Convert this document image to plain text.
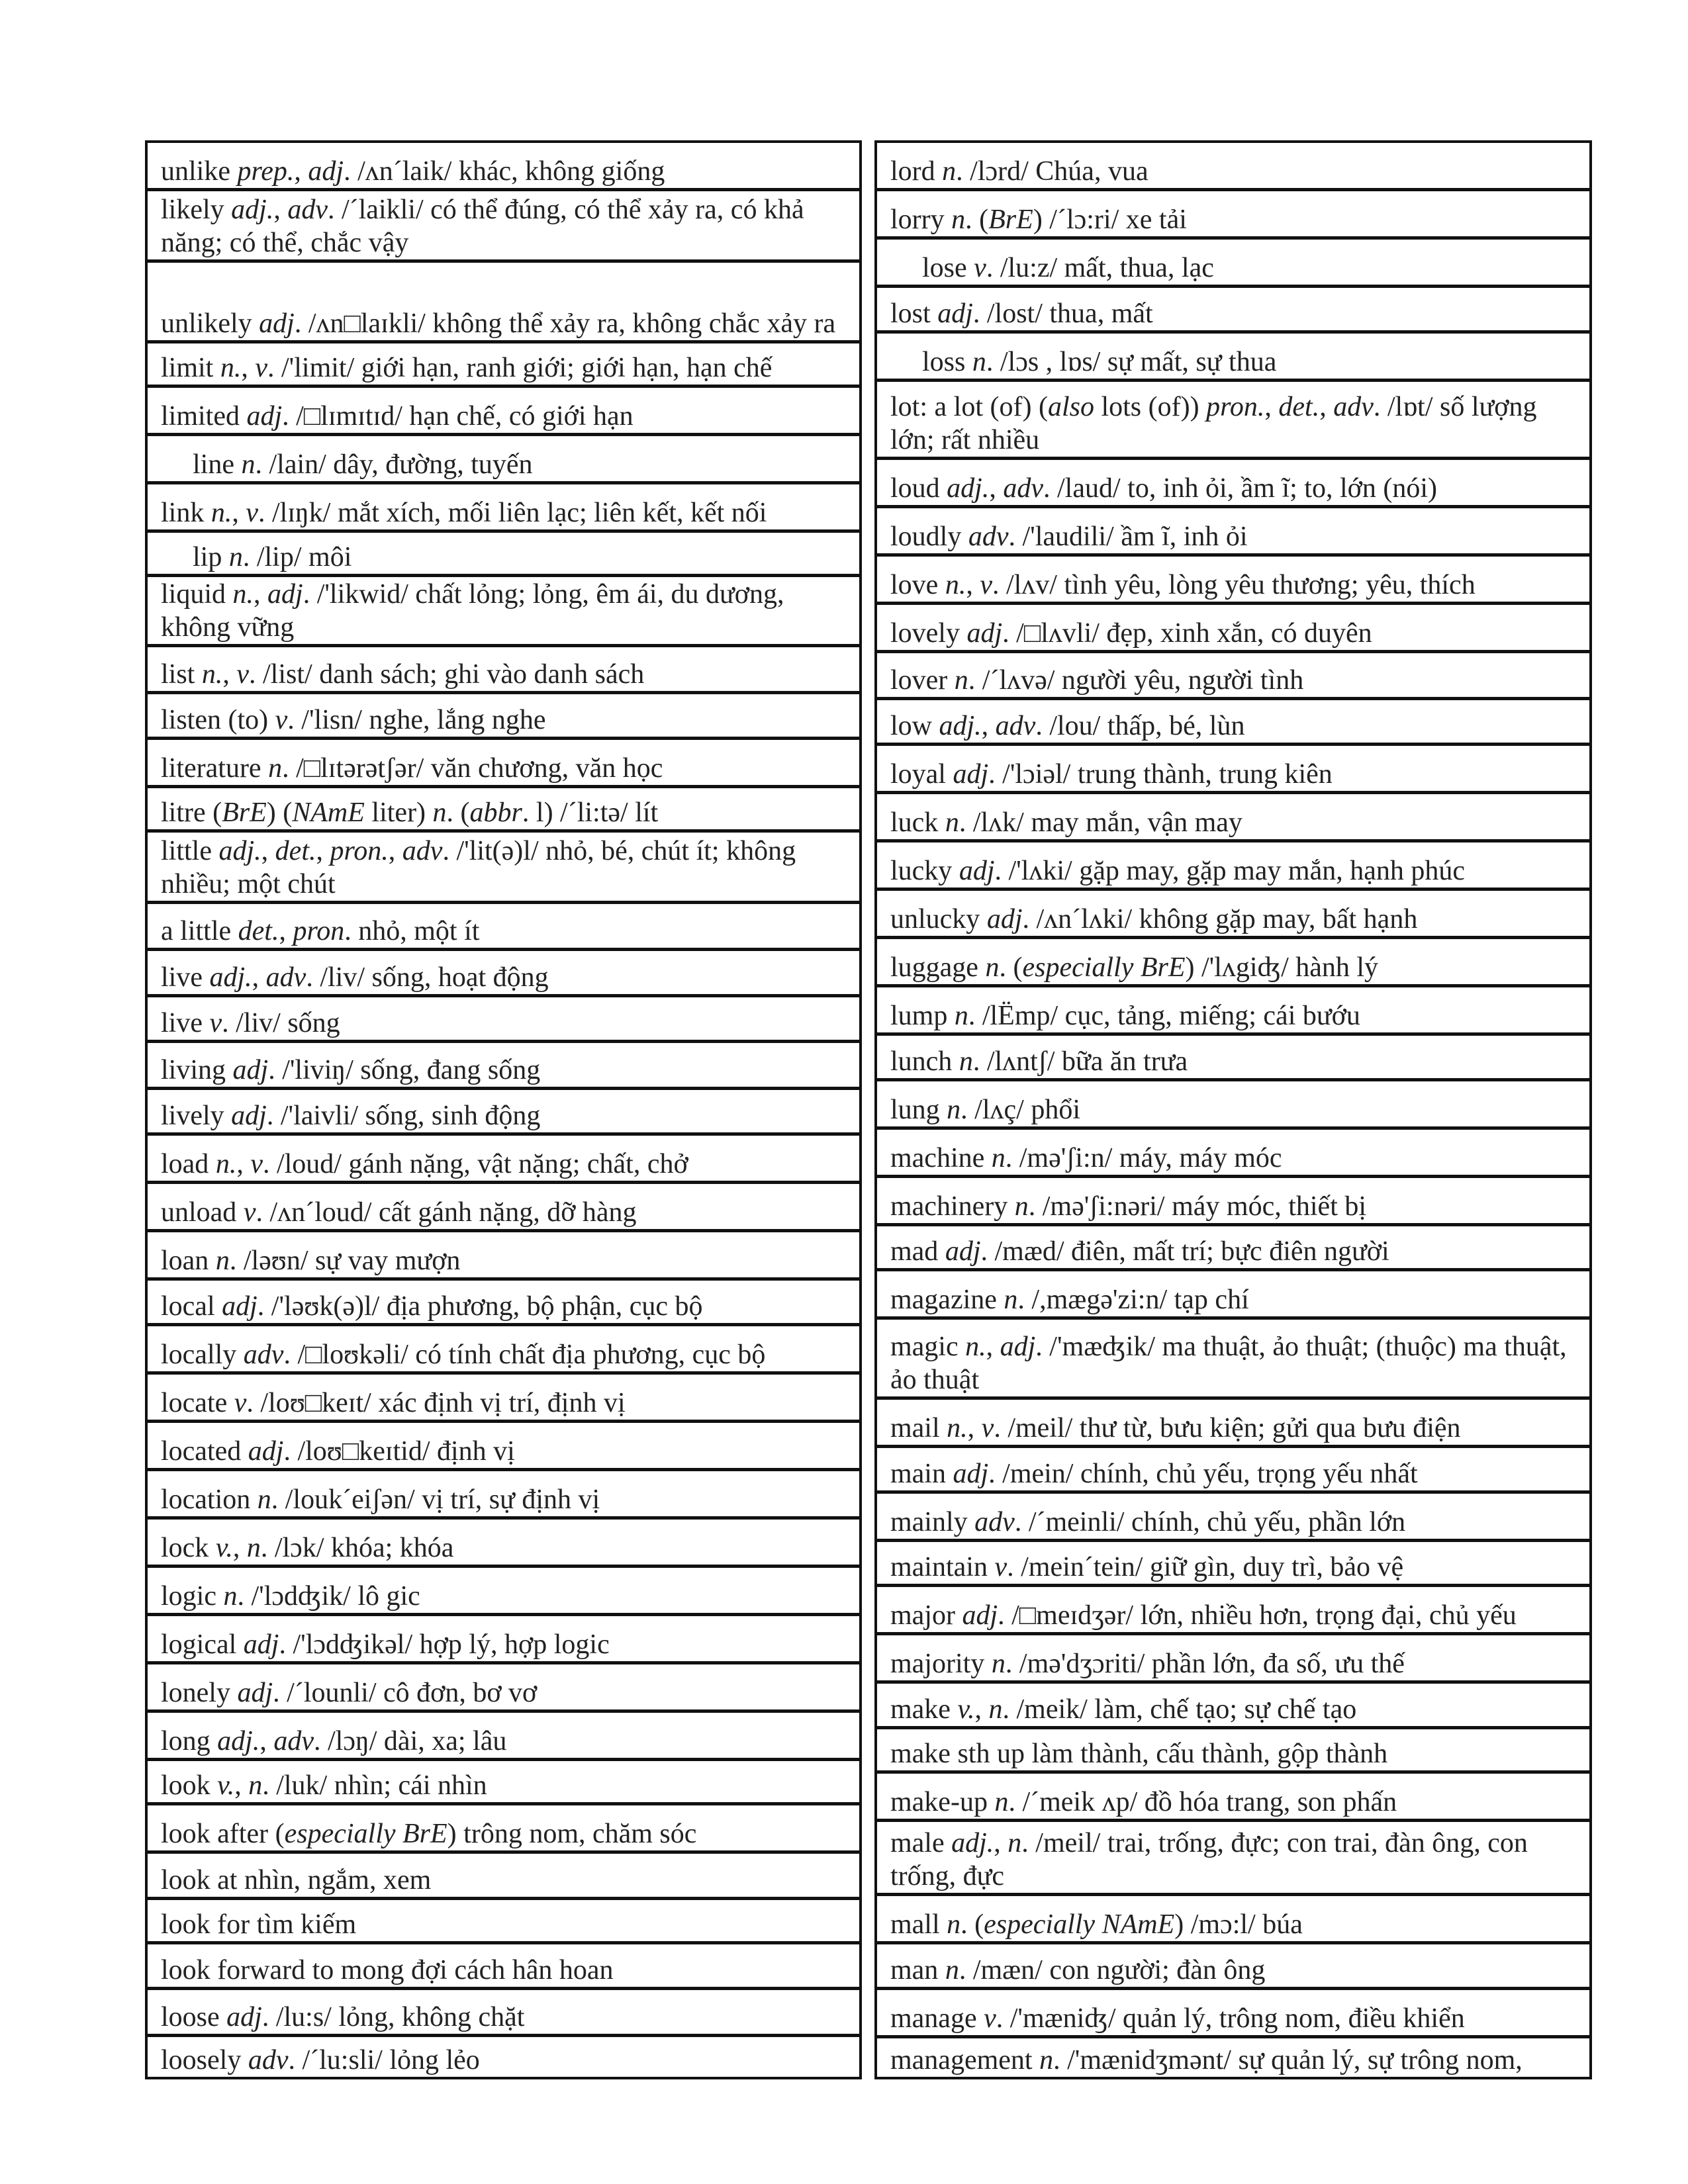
unlike prep., adj. /ʌn´laik/ khác, không giống
likely adj., adv. /´laikli/ có thể đúng, có thể xảy ra, có khả năng; có thể, chắc vậy
unlikely adj. /ʌn□laɪkli/ không thể xảy ra, không chắc xảy ra
limit n., v. /'limit/ giới hạn, ranh giới; giới hạn, hạn chế
limited adj. /□lɪmɪtɪd/ hạn chế, có giới hạn
line n. /lain/ dây, đường, tuyến
link n., v. /lɪŋk/ mắt xích, mối liên lạc; liên kết, kết nối
lip n. /lip/ môi
liquid n., adj. /'likwid/ chất lỏng; lỏng, êm ái, du dương, không vững
list n., v. /list/ danh sách; ghi vào danh sách
listen (to) v. /'lisn/ nghe, lắng nghe
literature n. /□lɪtərətʃər/ văn chương, văn học
litre (BrE) (NAmE liter) n. (abbr. l) /´li:tə/ lít
little adj., det., pron., adv. /'lit(ə)l/ nhỏ, bé, chút ít; không nhiều; một chút
a little det., pron. nhỏ, một ít
live adj., adv. /liv/ sống, hoạt động
live v. /liv/ sống
living adj. /'liviŋ/ sống, đang sống
lively adj. /'laivli/ sống, sinh động
load n., v. /loud/ gánh nặng, vật nặng; chất, chở
unload v. /ʌn´loud/ cất gánh nặng, dỡ hàng
loan n. /ləʊn/ sự vay mượn
local adj. /'ləʊk(ə)l/ địa phương, bộ phận, cục bộ
locally adv. /□loʊkəli/ có tính chất địa phương, cục bộ
locate v. /loʊ□keɪt/ xác định vị trí, định vị
located adj. /loʊ□keɪtid/ định vị
location n. /louk´eiʃən/ vị trí, sự định vị
lock v., n. /lɔk/ khóa; khóa
logic n. /'lɔdʤik/ lô gic
logical adj. /'lɔdʤikəl/ hợp lý, hợp logic
lonely adj. /´lounli/ cô đơn, bơ vơ
long adj., adv. /lɔŋ/ dài, xa; lâu
look v., n. /luk/ nhìn; cái nhìn
look after (especially BrE) trông nom, chăm sóc
look at nhìn, ngắm, xem
look for tìm kiếm
look forward to mong đợi cách hân hoan
loose adj. /lu:s/ lỏng, không chặt
loosely adv. /´lu:sli/ lỏng lẻo
lord n. /lɔrd/ Chúa, vua
lorry n. (BrE) /´lɔ:ri/ xe tải
lose v. /lu:z/ mất, thua, lạc
lost adj. /lost/ thua, mất
loss n. /lɔs , lɒs/ sự mất, sự thua
lot: a lot (of) (also lots (of)) pron., det., adv. /lɒt/ số lượng lớn; rất nhiều
loud adj., adv. /laud/ to, inh ỏi, ầm ĩ; to, lớn (nói)
loudly adv. /'laudili/ ầm ĩ, inh ỏi
love n., v. /lʌv/ tình yêu, lòng yêu thương; yêu, thích
lovely adj. /□lʌvli/ đẹp, xinh xắn, có duyên
lover n. /´lʌvə/ người yêu, người tình
low adj., adv. /lou/ thấp, bé, lùn
loyal adj. /'lɔiəl/ trung thành, trung kiên
luck n. /lʌk/ may mắn, vận may
lucky adj. /'lʌki/ gặp may, gặp may mắn, hạnh phúc
unlucky adj. /ʌn´lʌki/ không gặp may, bất hạnh
luggage n. (especially BrE) /'lʌgiʤ/ hành lý
lump n. /lËmp/ cục, tảng, miếng; cái bướu
lunch n. /lʌntʃ/ bữa ăn trưa
lung n. /lʌç/ phổi
machine n. /mə'ʃi:n/ máy, máy móc
machinery n. /mə'ʃi:nəri/ máy móc, thiết bị
mad adj. /mæd/ điên, mất trí; bực điên người
magazine n. /,mægə'zi:n/ tạp chí
magic n., adj. /'mæʤik/ ma thuật, ảo thuật; (thuộc) ma thuật, ảo thuật
mail n., v. /meil/ thư từ, bưu kiện; gửi qua bưu điện
main adj. /mein/ chính, chủ yếu, trọng yếu nhất
mainly adv. /´meinli/ chính, chủ yếu, phần lớn
maintain v. /mein´tein/ giữ gìn, duy trì, bảo vệ
major adj. /□meɪdʒər/ lớn, nhiều hơn, trọng đại, chủ yếu
majority n. /mə'dʒɔriti/ phần lớn, đa số, ưu thế
make v., n. /meik/ làm, chế tạo; sự chế tạo
make sth up làm thành, cấu thành, gộp thành
make-up n. /´meik ʌp/ đồ hóa trang, son phấn
male adj., n. /meil/ trai, trống, đực; con trai, đàn ông, con trống, đực
mall n. (especially NAmE) /mɔ:l/ búa
man n. /mæn/ con người; đàn ông
manage v. /'mæniʤ/ quản lý, trông nom, điều khiển
management n. /'mænidʒmənt/ sự quản lý, sự trông nom,
